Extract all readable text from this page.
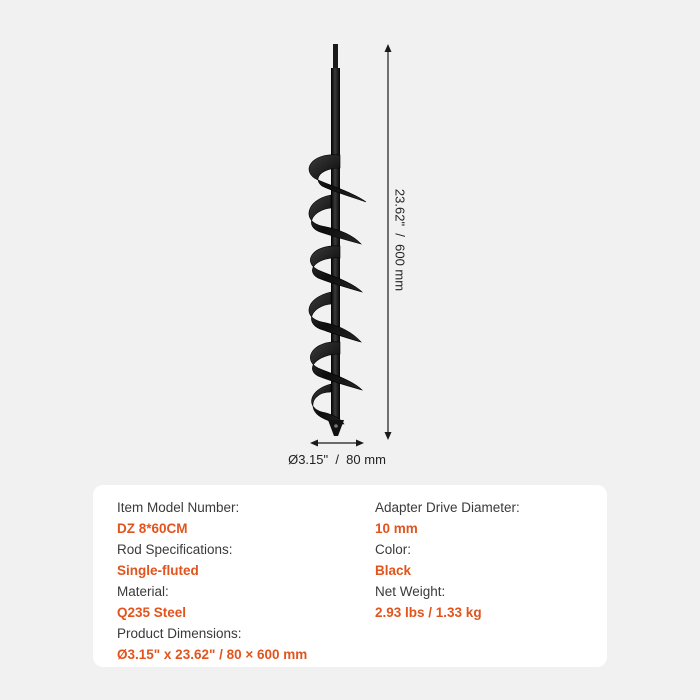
23.62"  /  600 mm
Ø3.15"  /  80 mm
Item Model Number:
DZ 8*60CM
Rod Specifications:
Single-fluted
Material:
Q235 Steel
Product Dimensions:
Ø3.15" x 23.62" / 80 × 600 mm
Adapter Drive Diameter:
10 mm
Color:
Black
Net Weight:
2.93 lbs / 1.33 kg
